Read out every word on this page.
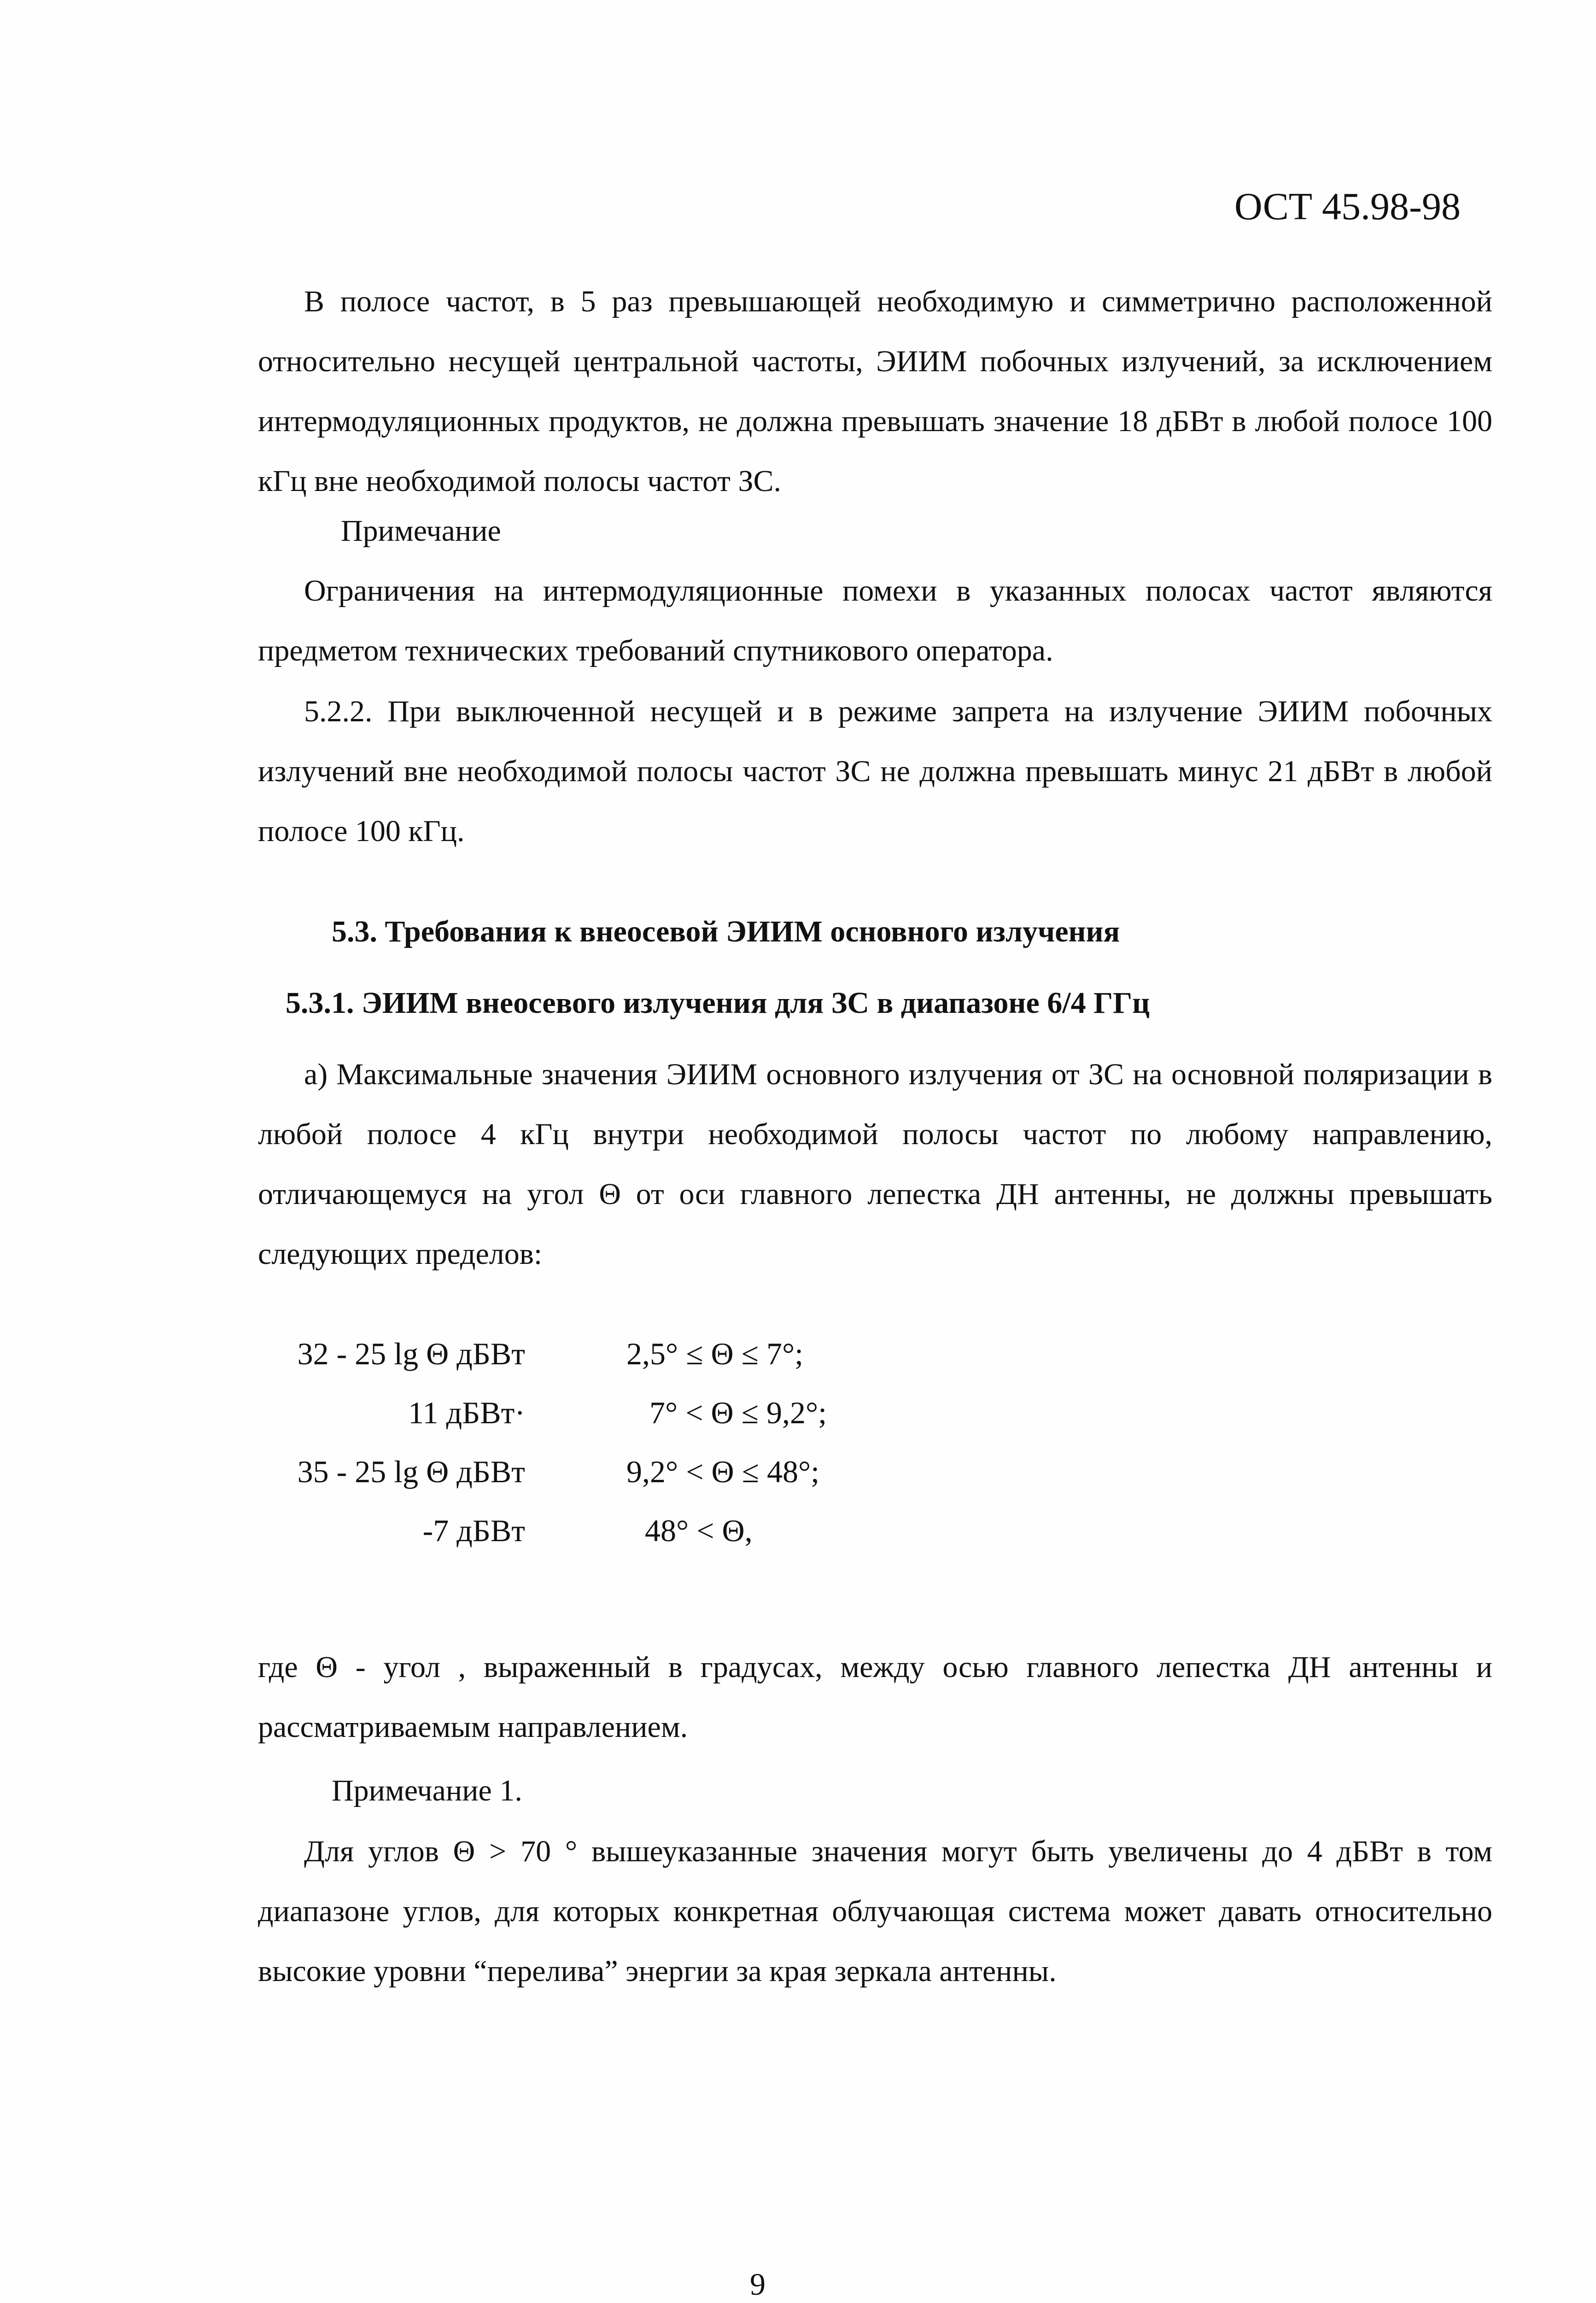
ОСТ 45.98-98

В полосе частот, в 5 раз превышающей необходимую и симметрично расположенной относительно несущей центральной частоты, ЭИИМ побочных излучений, за исключением интермодуляционных продуктов, не должна превышать значение 18 дБВт в любой полосе 100 кГц вне необходимой полосы частот ЗС.

Примечание

Ограничения на интермодуляционные помехи в указанных полосах частот являются предметом технических требований спутникового оператора.

5.2.2. При выключенной несущей и в режиме запрета на излучение ЭИИМ побочных излучений вне необходимой полосы частот ЗС не должна превышать минус 21 дБВт в любой полосе 100 кГц.

5.3. Требования к внеосевой ЭИИМ основного излучения

5.3.1. ЭИИМ внеосевого излучения для ЗС в диапазоне 6/4 ГГц

а) Максимальные значения ЭИИМ основного излучения от ЗС на основной поляризации в любой полосе 4 кГц внутри необходимой полосы частот по любому направлению, отличающемуся на угол Θ от оси главного лепестка ДН антенны, не должны превышать следующих пределов:

32 - 25 lg Θ дБВт	2,5° ≤ Θ ≤ 7°;
11 дБВт·	7° < Θ ≤ 9,2°;
35 - 25 lg Θ дБВт	9,2° < Θ ≤ 48°;
-7 дБВт	48° < Θ,

где Θ - угол , выраженный в градусах, между осью главного лепестка ДН антенны и рассматриваемым направлением.

Примечание 1.

Для углов Θ > 70 ° вышеуказанные значения могут быть увеличены до 4 дБВт в том диапазоне углов, для которых конкретная облучающая система может давать относительно высокие уровни “перелива” энергии за края зеркала антенны.

9
